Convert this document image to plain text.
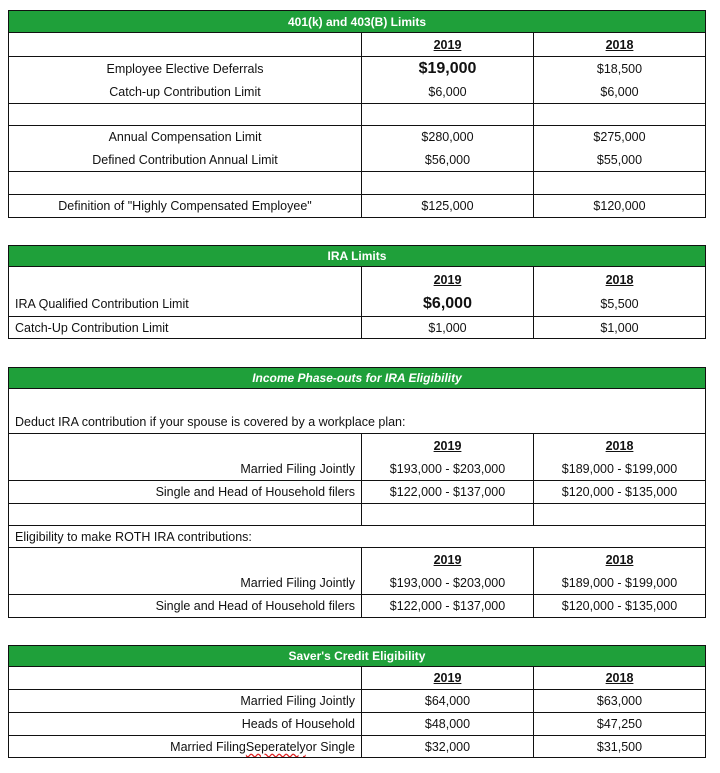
401(k) and 403(B) Limits
2019	2018
Employee Elective Deferrals	$19,000	$18,500
Catch-up Contribution Limit	$6,000	$6,000
Annual Compensation Limit	$280,000	$275,000
Defined Contribution Annual Limit	$56,000	$55,000
Definition of "Highly Compensated Employee"	$125,000	$120,000
IRA Limits
2019	2018
IRA Qualified Contribution Limit	$6,000	$5,500
Catch-Up Contribution Limit	$1,000	$1,000
Income Phase-outs for IRA Eligibility
Deduct IRA contribution if your spouse is covered by a workplace plan:
2019	2018
Married Filing Jointly	$193,000 - $203,000	$189,000 - $199,000
Single and Head of Household filers	$122,000 - $137,000	$120,000 - $135,000
Eligibility to make ROTH IRA contributions:
2019	2018
Married Filing Jointly	$193,000 - $203,000	$189,000 - $199,000
Single and Head of Household filers	$122,000 - $137,000	$120,000 - $135,000
Saver's Credit Eligibility
2019	2018
Married Filing Jointly	$64,000	$63,000
Heads of Household	$48,000	$47,250
Married Filing Seperately or Single	$32,000	$31,500
